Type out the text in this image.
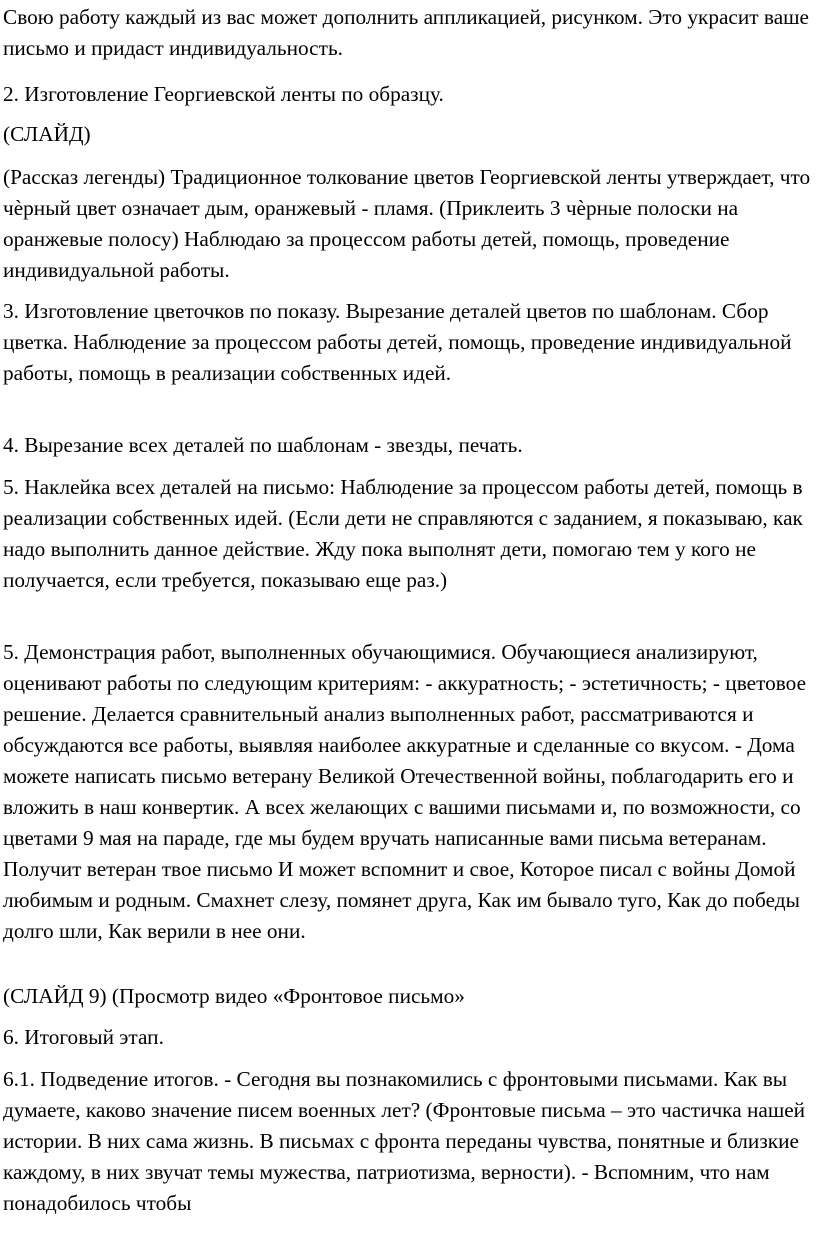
Свою работу каждый из вас может дополнить аппликацией, рисунком. Это украсит ваше письмо и придаст индивидуальность.

2. Изготовление Георгиевской ленты по образцу.

(СЛАЙД)

(Рассказ легенды) Традиционное толкование цветов Георгиевской ленты утверждает, что чѐрный цвет означает дым, оранжевый - пламя. (Приклеить 3 чѐрные полоски на оранжевые полосу) Наблюдаю за процессом работы детей, помощь, проведение индивидуальной работы.

3. Изготовление цветочков по показу. Вырезание деталей цветов по шаблонам. Сбор цветка. Наблюдение за процессом работы детей, помощь, проведение индивидуальной работы, помощь в реализации собственных идей.

4. Вырезание всех деталей по шаблонам - звезды, печать.

5. Наклейка всех деталей на письмо: Наблюдение за процессом работы детей, помощь в реализации собственных идей. (Если дети не справляются с заданием, я показываю, как надо выполнить данное действие. Жду пока выполнят дети, помогаю тем у кого не получается, если требуется, показываю еще раз.)

5. Демонстрация работ, выполненных обучающимися. Обучающиеся анализируют, оценивают работы по следующим критериям: - аккуратность; - эстетичность; - цветовое решение. Делается сравнительный анализ выполненных работ, рассматриваются и обсуждаются все работы, выявляя наиболее аккуратные и сделанные со вкусом. - Дома можете написать письмо ветерану Великой Отечественной войны, поблагодарить его и вложить в наш конвертик. А всех желающих с вашими письмами и, по возможности, со цветами 9 мая на параде, где мы будем вручать написанные вами письма ветеранам. Получит ветеран твое письмо И может вспомнит и свое, Которое писал с войны Домой любимым и родным. Смахнет слезу, помянет друга, Как им бывало туго, Как до победы долго шли, Как верили в нее они.

(СЛАЙД 9) (Просмотр видео «Фронтовое письмо»

6. Итоговый этап.

6.1. Подведение итогов. - Сегодня вы познакомились с фронтовыми письмами. Как вы думаете, каково значение писем военных лет? (Фронтовые письма – это частичка нашей истории. В них сама жизнь. В письмах с фронта переданы чувства, понятные и близкие каждому, в них звучат темы мужества, патриотизма, верности). - Вспомним, что нам понадобилось чтобы
